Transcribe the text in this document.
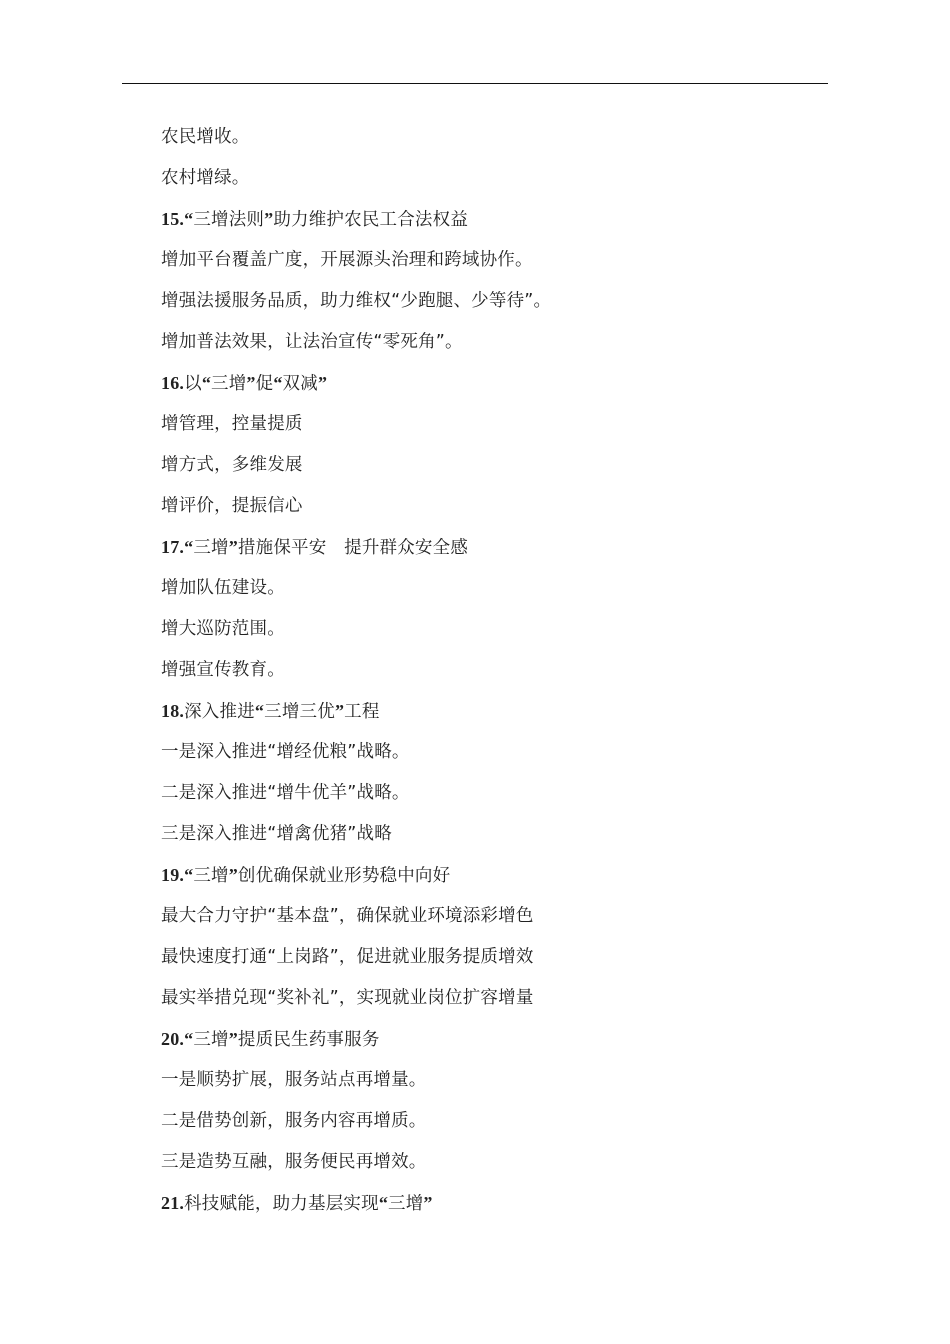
农民增收。
农村增绿。
15.“三增法则”助力维护农民工合法权益
增加平台覆盖广度，开展源头治理和跨域协作。
增强法援服务品质，助力维权“少跑腿、少等待”。
增加普法效果，让法治宣传“零死角”。
16.以“三增”促“双减”
增管理，控量提质
增方式，多维发展
增评价，提振信心
17.“三增”措施保平安　提升群众安全感
增加队伍建设。
增大巡防范围。
增强宣传教育。
18.深入推进“三增三优”工程
一是深入推进“增经优粮”战略。
二是深入推进“增牛优羊”战略。
三是深入推进“增禽优猪”战略
19.“三增”创优确保就业形势稳中向好
最大合力守护“基本盘”，确保就业环境添彩增色
最快速度打通“上岗路”，促进就业服务提质增效
最实举措兑现“奖补礼”，实现就业岗位扩容增量
20.“三增”提质民生药事服务
一是顺势扩展，服务站点再增量。
二是借势创新，服务内容再增质。
三是造势互融，服务便民再增效。
21.科技赋能，助力基层实现“三增”
